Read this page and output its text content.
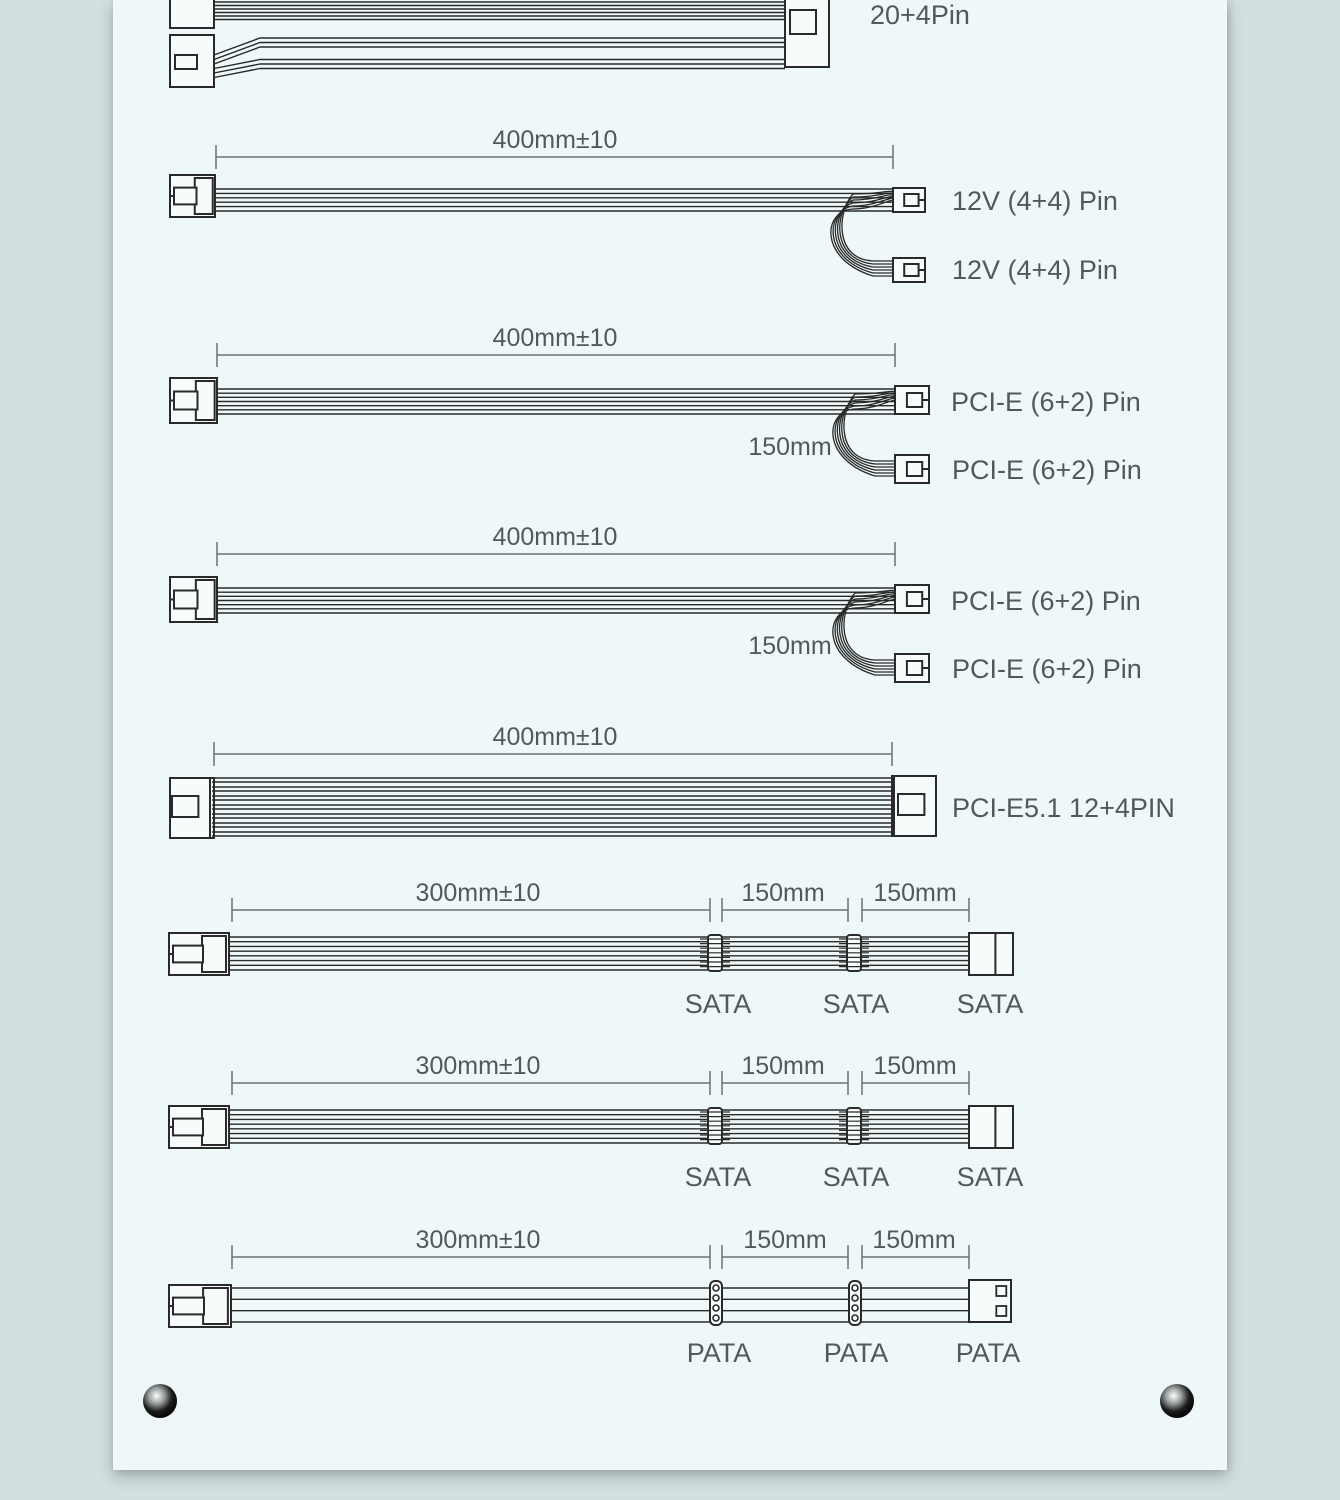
20+4Pin
400mm±10
12V (4+4) Pin
12V (4+4) Pin
400mm±10
150mm
PCI-E (6+2) Pin
PCI-E (6+2) Pin
400mm±10
150mm
PCI-E (6+2) Pin
PCI-E (6+2) Pin
400mm±10
PCI-E5.1 12+4PIN
300mm±10	150mm 150mm
SATA	SATA SATA
300mm±10	150mm 150mm
SATA	SATA SATA
300mm±10	150mm 150mm
PATA	PATA PATA
